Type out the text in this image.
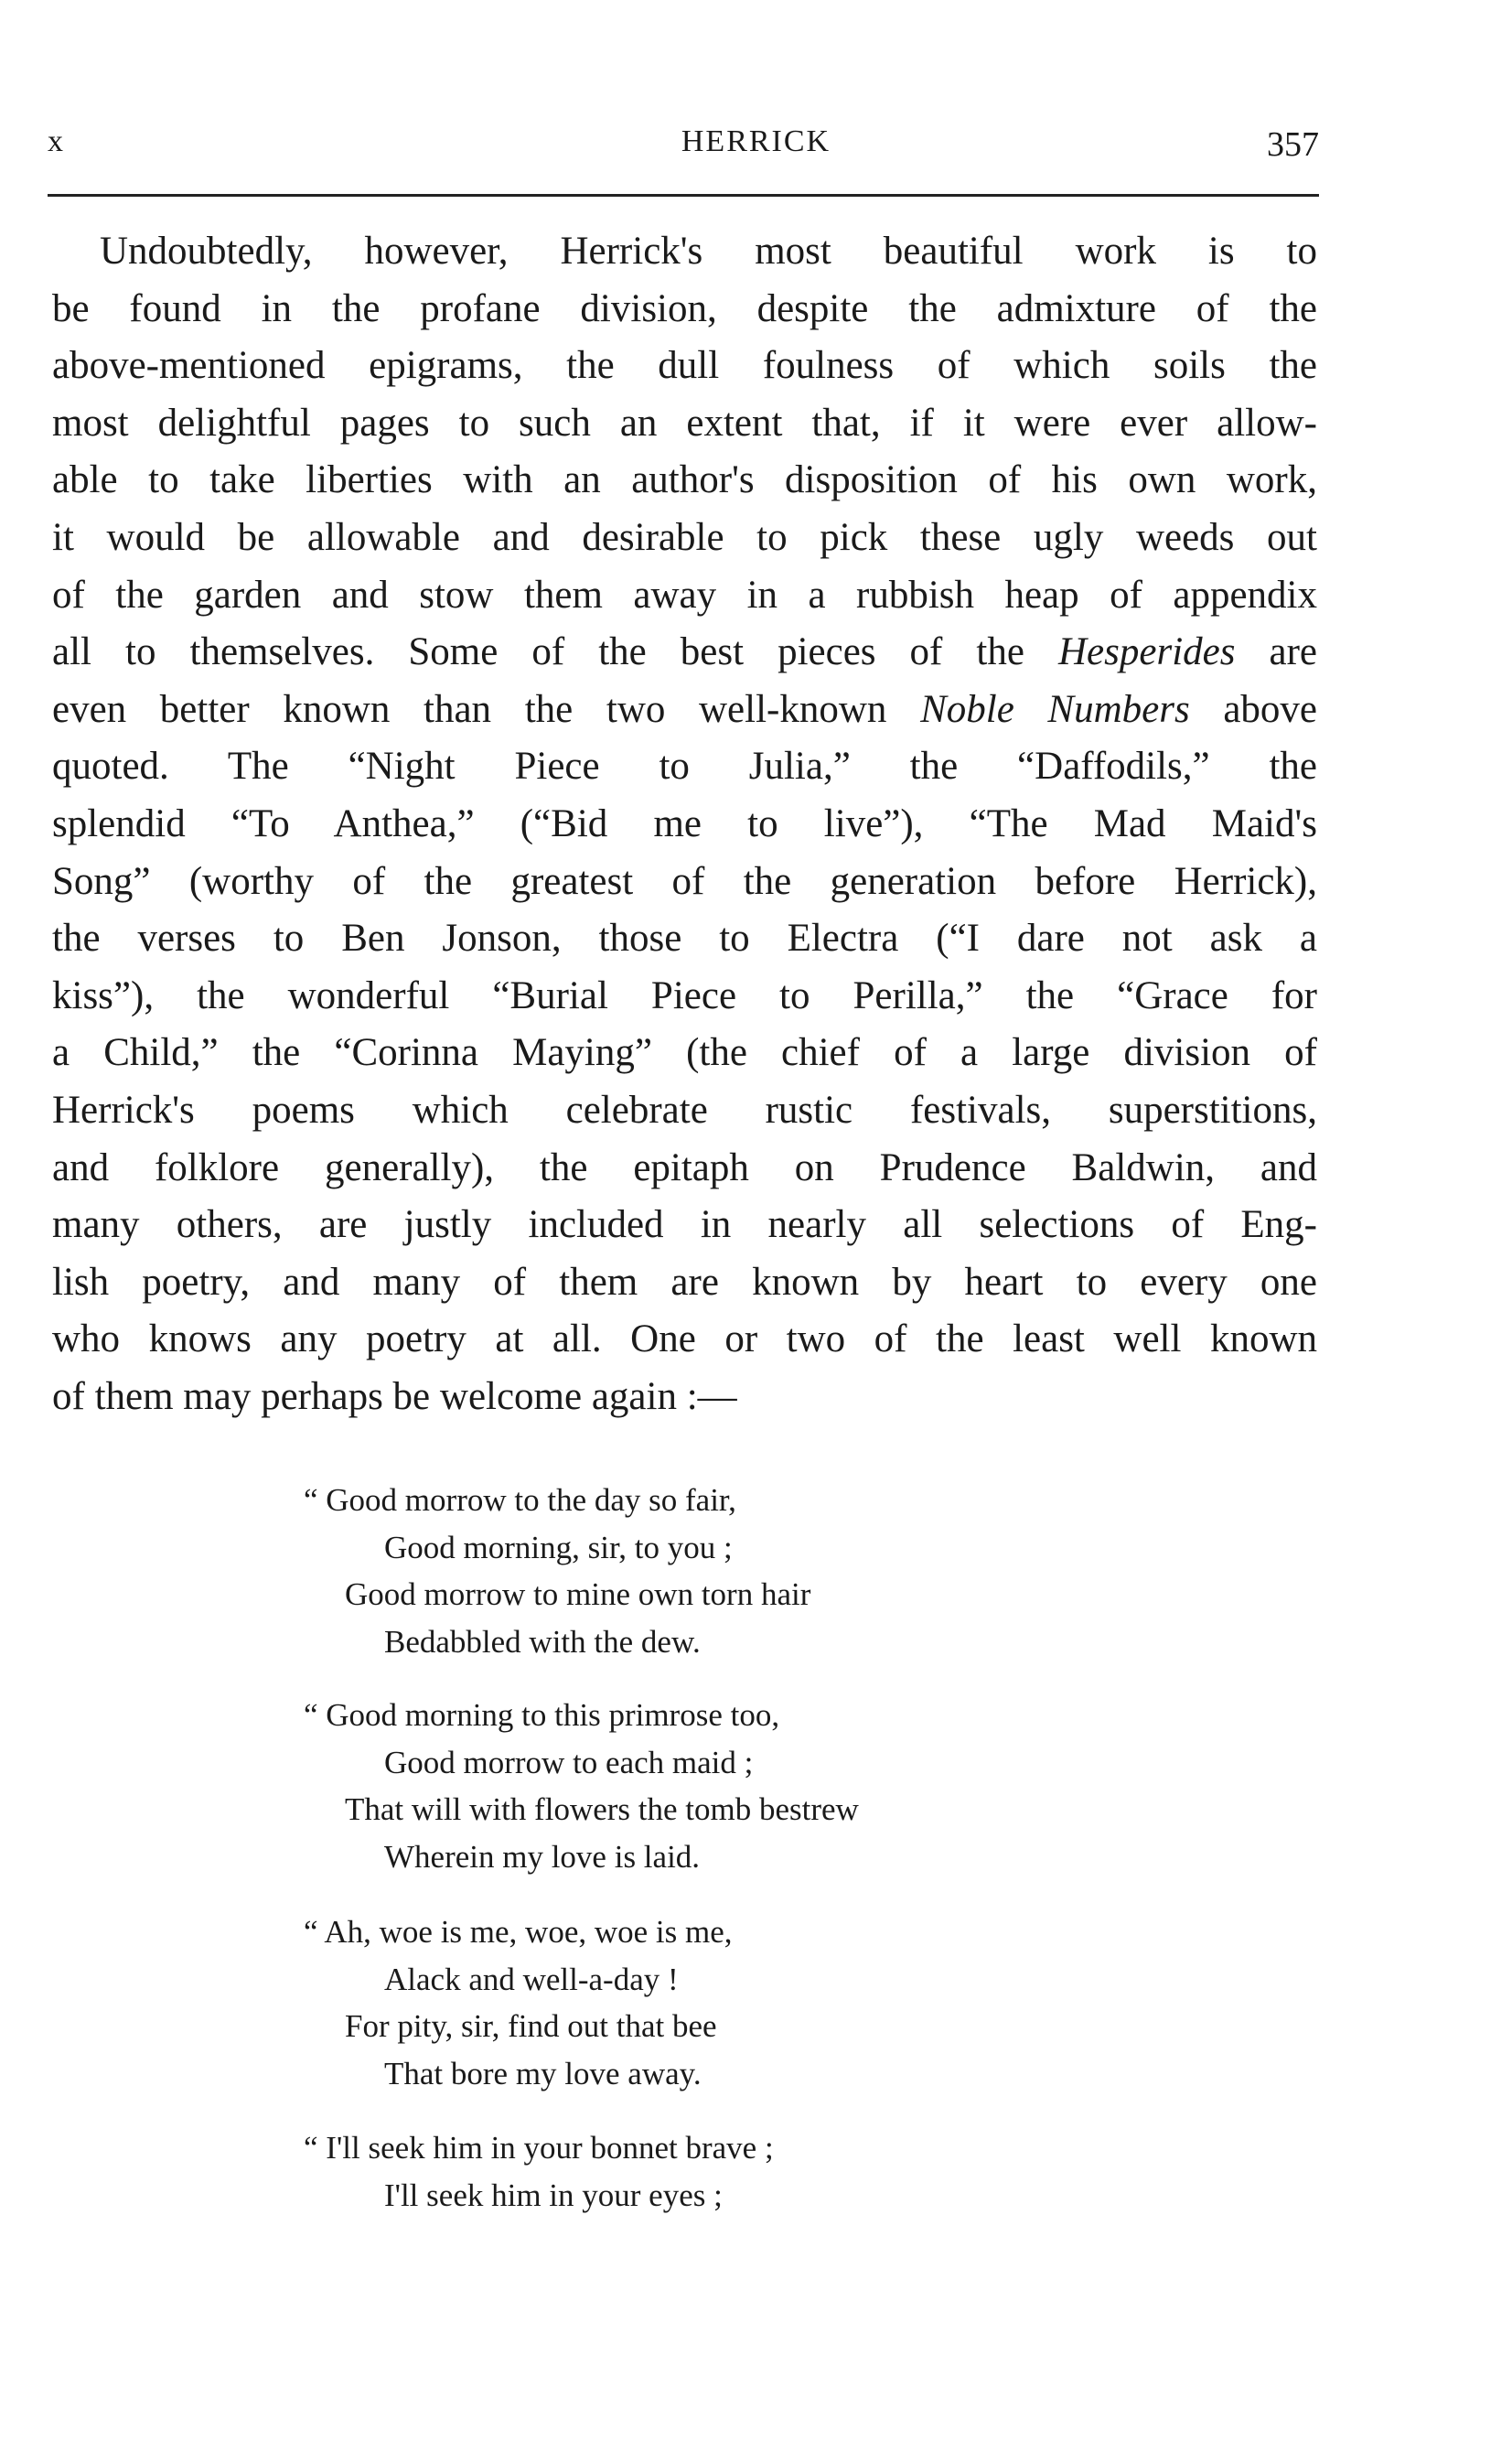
x	HERRICK	357
Undoubtedly, however, Herrick's most beautiful work is to
be found in the profane division, despite the admixture of the
above-mentioned epigrams, the dull foulness of which soils the
most delightful pages to such an extent that, if it were ever allow-
able to take liberties with an author's disposition of his own work,
it would be allowable and desirable to pick these ugly weeds out
of the garden and stow them away in a rubbish heap of appendix
all to themselves. Some of the best pieces of the Hesperides are
even better known than the two well-known Noble Numbers above
quoted. The “Night Piece to Julia,” the “Daffodils,” the
splendid “To Anthea,” (“Bid me to live”), “The Mad Maid's
Song” (worthy of the greatest of the generation before Herrick),
the verses to Ben Jonson, those to Electra (“I dare not ask a
kiss”), the wonderful “Burial Piece to Perilla,” the “Grace for
a Child,” the “Corinna Maying” (the chief of a large division of
Herrick's poems which celebrate rustic festivals, superstitions,
and folklore generally), the epitaph on Prudence Baldwin, and
many others, are justly included in nearly all selections of Eng-
lish poetry, and many of them are known by heart to every one
who knows any poetry at all. One or two of the least well known
of them may perhaps be welcome again :—
“ Good morrow to the day so fair,
Good morning, sir, to you ;
Good morrow to mine own torn hair
Bedabbled with the dew.
“ Good morning to this primrose too,
Good morrow to each maid ;
That will with flowers the tomb bestrew
Wherein my love is laid.
“ Ah, woe is me, woe, woe is me,
Alack and well-a-day !
For pity, sir, find out that bee
That bore my love away.
“ I'll seek him in your bonnet brave ;
I'll seek him in your eyes ;
